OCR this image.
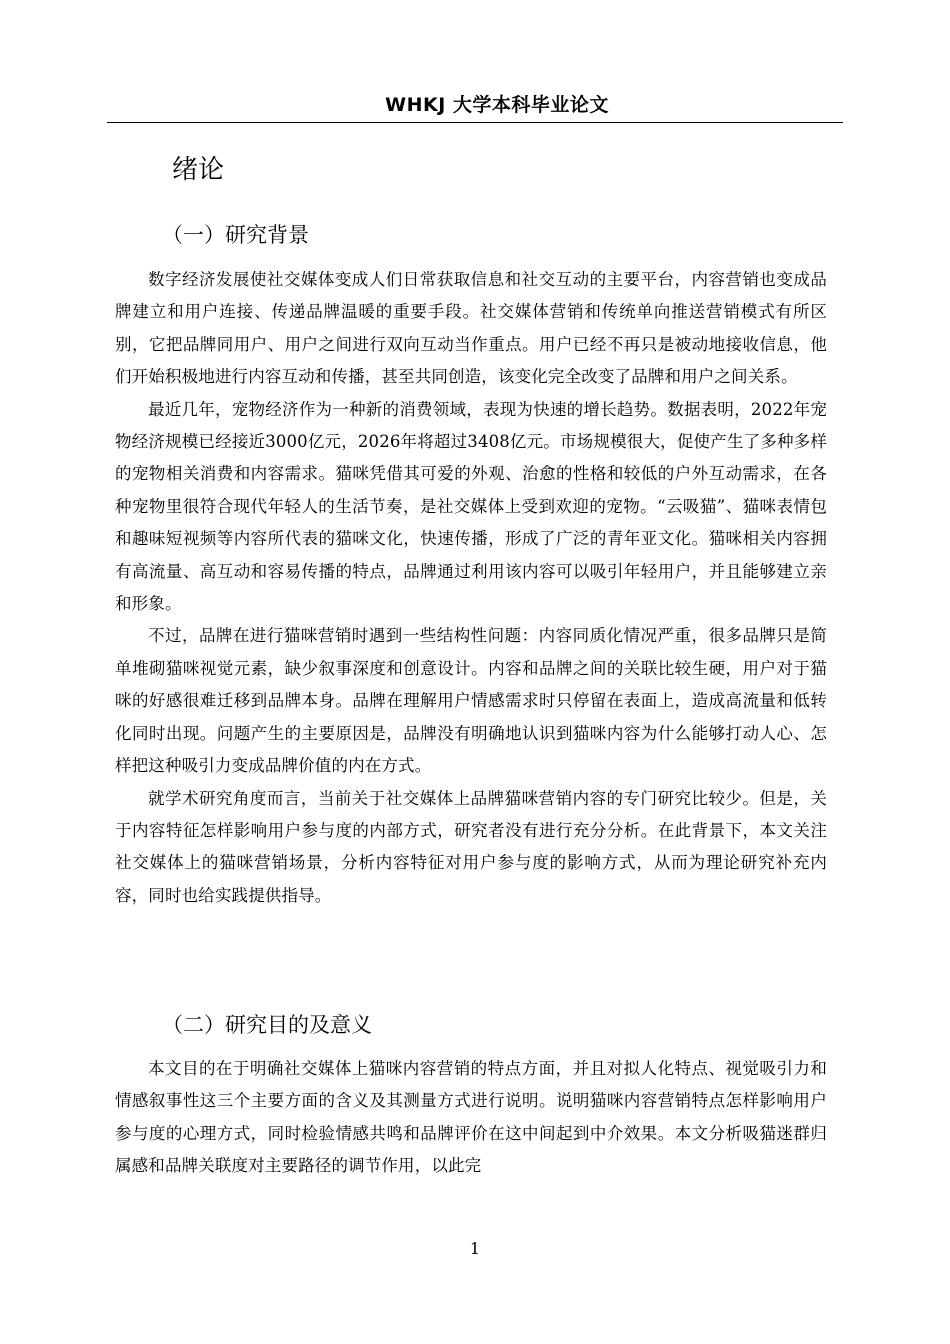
WHKJ 大学本科毕业论文
绪论
（一）研究背景

数字经济发展使社交媒体变成人们日常获取信息和社交互动的主要平台，内容营销也变成品牌建立和用户连接、传递品牌温暖的重要手段。社交媒体营销和传统单向推送营销模式有所区别，它把品牌同用户、用户之间进行双向互动当作重点。用户已经不再只是被动地接收信息，他们开始积极地进行内容互动和传播，甚至共同创造，该变化完全改变了品牌和用户之间关系。

最近几年，宠物经济作为一种新的消费领域，表现为快速的增长趋势。数据表明，2022年宠物经济规模已经接近3000亿元，2026年将超过3408亿元。市场规模很大，促使产生了多种多样的宠物相关消费和内容需求。猫咪凭借其可爱的外观、治愈的性格和较低的户外互动需求，在各种宠物里很符合现代年轻人的生活节奏，是社交媒体上受到欢迎的宠物。“云吸猫”、猫咪表情包和趣味短视频等内容所代表的猫咪文化，快速传播，形成了广泛的青年亚文化。猫咪相关内容拥有高流量、高互动和容易传播的特点，品牌通过利用该内容可以吸引年轻用户，并且能够建立亲和形象。

不过，品牌在进行猫咪营销时遇到一些结构性问题：内容同质化情况严重，很多品牌只是简单堆砌猫咪视觉元素，缺少叙事深度和创意设计。内容和品牌之间的关联比较生硬，用户对于猫咪的好感很难迁移到品牌本身。品牌在理解用户情感需求时只停留在表面上，造成高流量和低转化同时出现。问题产生的主要原因是，品牌没有明确地认识到猫咪内容为什么能够打动人心、怎样把这种吸引力变成品牌价值的内在方式。

就学术研究角度而言，当前关于社交媒体上品牌猫咪营销内容的专门研究比较少。但是，关于内容特征怎样影响用户参与度的内部方式，研究者没有进行充分分析。在此背景下，本文关注社交媒体上的猫咪营销场景，分析内容特征对用户参与度的影响方式，从而为理论研究补充内容，同时也给实践提供指导。

（二）研究目的及意义

本文目的在于明确社交媒体上猫咪内容营销的特点方面，并且对拟人化特点、视觉吸引力和情感叙事性这三个主要方面的含义及其测量方式进行说明。说明猫咪内容营销特点怎样影响用户参与度的心理方式，同时检验情感共鸣和品牌评价在这中间起到中介效果。本文分析吸猫迷群归属感和品牌关联度对主要路径的调节作用，以此完

1
